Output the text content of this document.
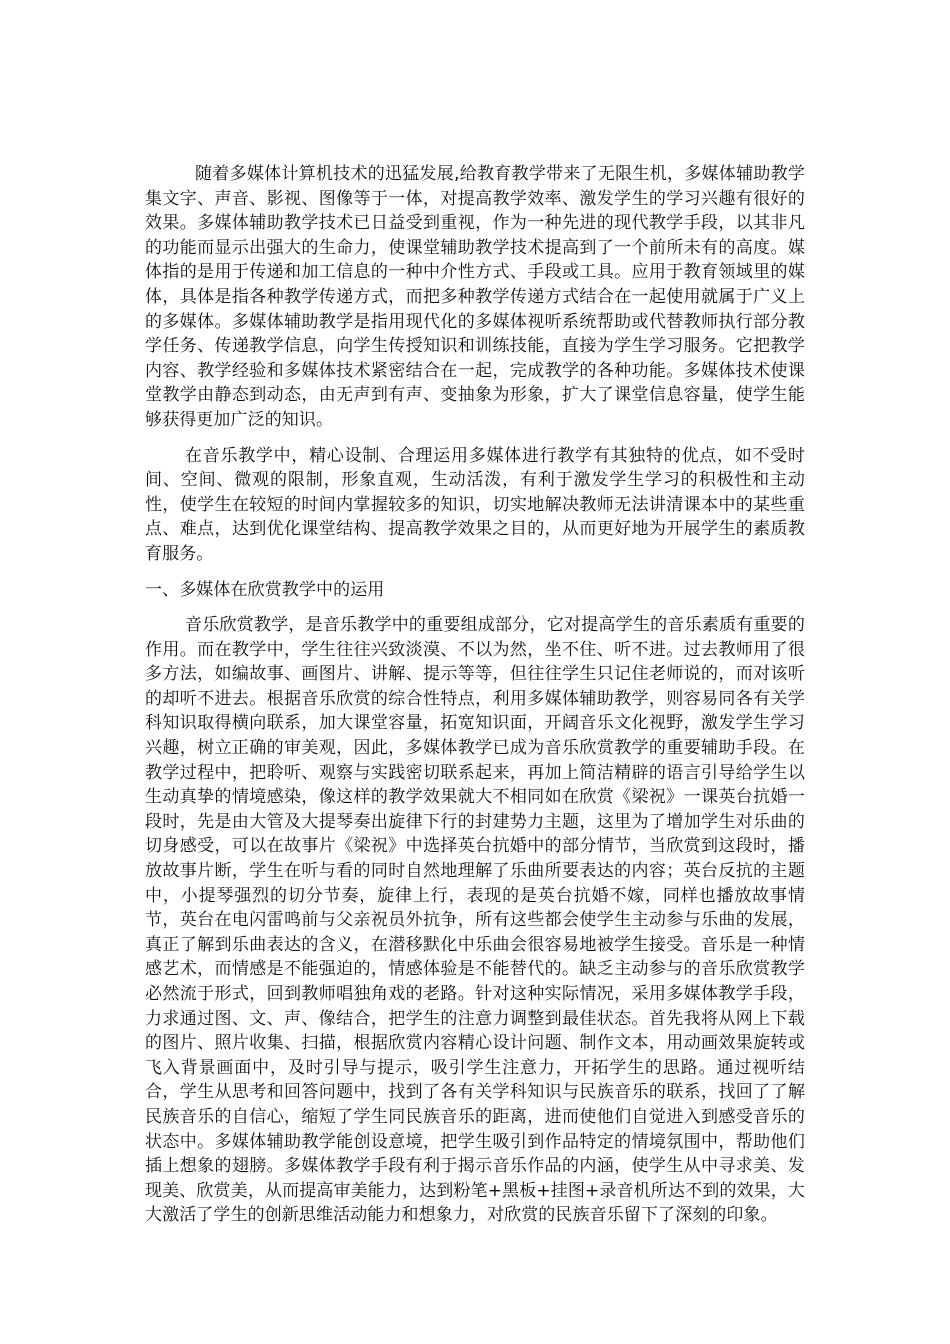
随着多媒体计算机技术的迅猛发展,给教育教学带来了无限生机，多媒体辅助教学集文字、声音、影视、图像等于一体，对提高教学效率、激发学生的学习兴趣有很好的效果。多媒体辅助教学技术已日益受到重视，作为一种先进的现代教学手段，以其非凡的功能而显示出强大的生命力，使课堂辅助教学技术提高到了一个前所未有的高度。媒体指的是用于传递和加工信息的一种中介性方式、手段或工具。应用于教育领域里的媒体，具体是指各种教学传递方式，而把多种教学传递方式结合在一起使用就属于广义上的多媒体。多媒体辅助教学是指用现代化的多媒体视听系统帮助或代替教师执行部分教学任务、传递教学信息，向学生传授知识和训练技能，直接为学生学习服务。它把教学内容、教学经验和多媒体技术紧密结合在一起，完成教学的各种功能。多媒体技术使课堂教学由静态到动态，由无声到有声、变抽象为形象，扩大了课堂信息容量，使学生能够获得更加广泛的知识。

在音乐教学中，精心设制、合理运用多媒体进行教学有其独特的优点，如不受时间、空间、微观的限制，形象直观，生动活泼，有利于激发学生学习的积极性和主动性，使学生在较短的时间内掌握较多的知识，切实地解决教师无法讲清课本中的某些重点、难点，达到优化课堂结构、提高教学效果之目的，从而更好地为开展学生的素质教育服务。

一、多媒体在欣赏教学中的运用

音乐欣赏教学，是音乐教学中的重要组成部分，它对提高学生的音乐素质有重要的作用。而在教学中，学生往往兴致淡漠、不以为然，坐不住、听不进。过去教师用了很多方法，如编故事、画图片、讲解、提示等等，但往往学生只记住老师说的，而对该听的却听不进去。根据音乐欣赏的综合性特点，利用多媒体辅助教学，则容易同各有关学科知识取得横向联系，加大课堂容量，拓宽知识面，开阔音乐文化视野，激发学生学习兴趣，树立正确的审美观，因此，多媒体教学已成为音乐欣赏教学的重要辅助手段。在教学过程中，把聆听、观察与实践密切联系起来，再加上简洁精辟的语言引导给学生以生动真挚的情境感染，像这样的教学效果就大不相同如在欣赏《梁祝》一课英台抗婚一段时，先是由大管及大提琴奏出旋律下行的封建势力主题，这里为了增加学生对乐曲的切身感受，可以在故事片《梁祝》中选择英台抗婚中的部分情节，当欣赏到这段时，播放故事片断，学生在听与看的同时自然地理解了乐曲所要表达的内容；英台反抗的主题中，小提琴强烈的切分节奏，旋律上行，表现的是英台抗婚不嫁，同样也播放故事情节，英台在电闪雷鸣前与父亲祝员外抗争，所有这些都会使学生主动参与乐曲的发展，真正了解到乐曲表达的含义，在潜移默化中乐曲会很容易地被学生接受。音乐是一种情感艺术，而情感是不能强迫的，情感体验是不能替代的。缺乏主动参与的音乐欣赏教学必然流于形式，回到教师唱独角戏的老路。针对这种实际情况，采用多媒体教学手段，力求通过图、文、声、像结合，把学生的注意力调整到最佳状态。首先我将从网上下载的图片、照片收集、扫描，根据欣赏内容精心设计问题、制作文本，用动画效果旋转或飞入背景画面中，及时引导与提示，吸引学生注意力，开拓学生的思路。通过视听结合，学生从思考和回答问题中，找到了各有关学科知识与民族音乐的联系，找回了了解民族音乐的自信心，缩短了学生同民族音乐的距离，进而使他们自觉进入到感受音乐的状态中。多媒体辅助教学能创设意境，把学生吸引到作品特定的情境氛围中，帮助他们插上想象的翅膀。多媒体教学手段有利于揭示音乐作品的内涵，使学生从中寻求美、发现美、欣赏美，从而提高审美能力，达到粉笔+黑板+挂图+录音机所达不到的效果，大大激活了学生的创新思维活动能力和想象力，对欣赏的民族音乐留下了深刻的印象。
